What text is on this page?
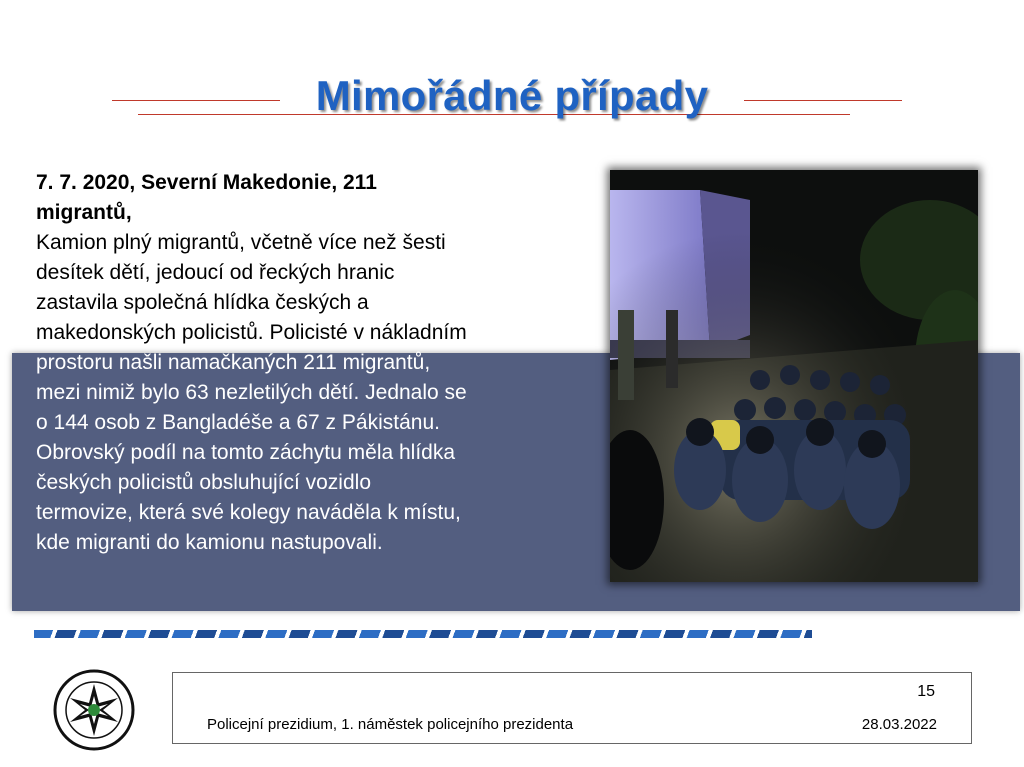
Mimořádné případy
7. 7. 2020, Severní Makedonie, 211
migrantů,
Kamion plný migrantů, včetně více než šesti
desítek dětí, jedoucí od řeckých hranic
zastavila společná hlídka českých a
makedonských policistů. Policisté v nákladním
prostoru našli namačkaných 211 migrantů,
mezi nimiž bylo 63 nezletilých dětí. Jednalo se
o 144 osob z Bangladéše a 67 z Pákistánu.
Obrovský podíl na tomto záchytu měla hlídka
českých policistů obsluhující vozidlo
termovize, která své kolegy naváděla k místu,
kde migranti do kamionu nastupovali.
15
Policejní prezidium, 1. náměstek policejního prezidenta	28.03.2022
